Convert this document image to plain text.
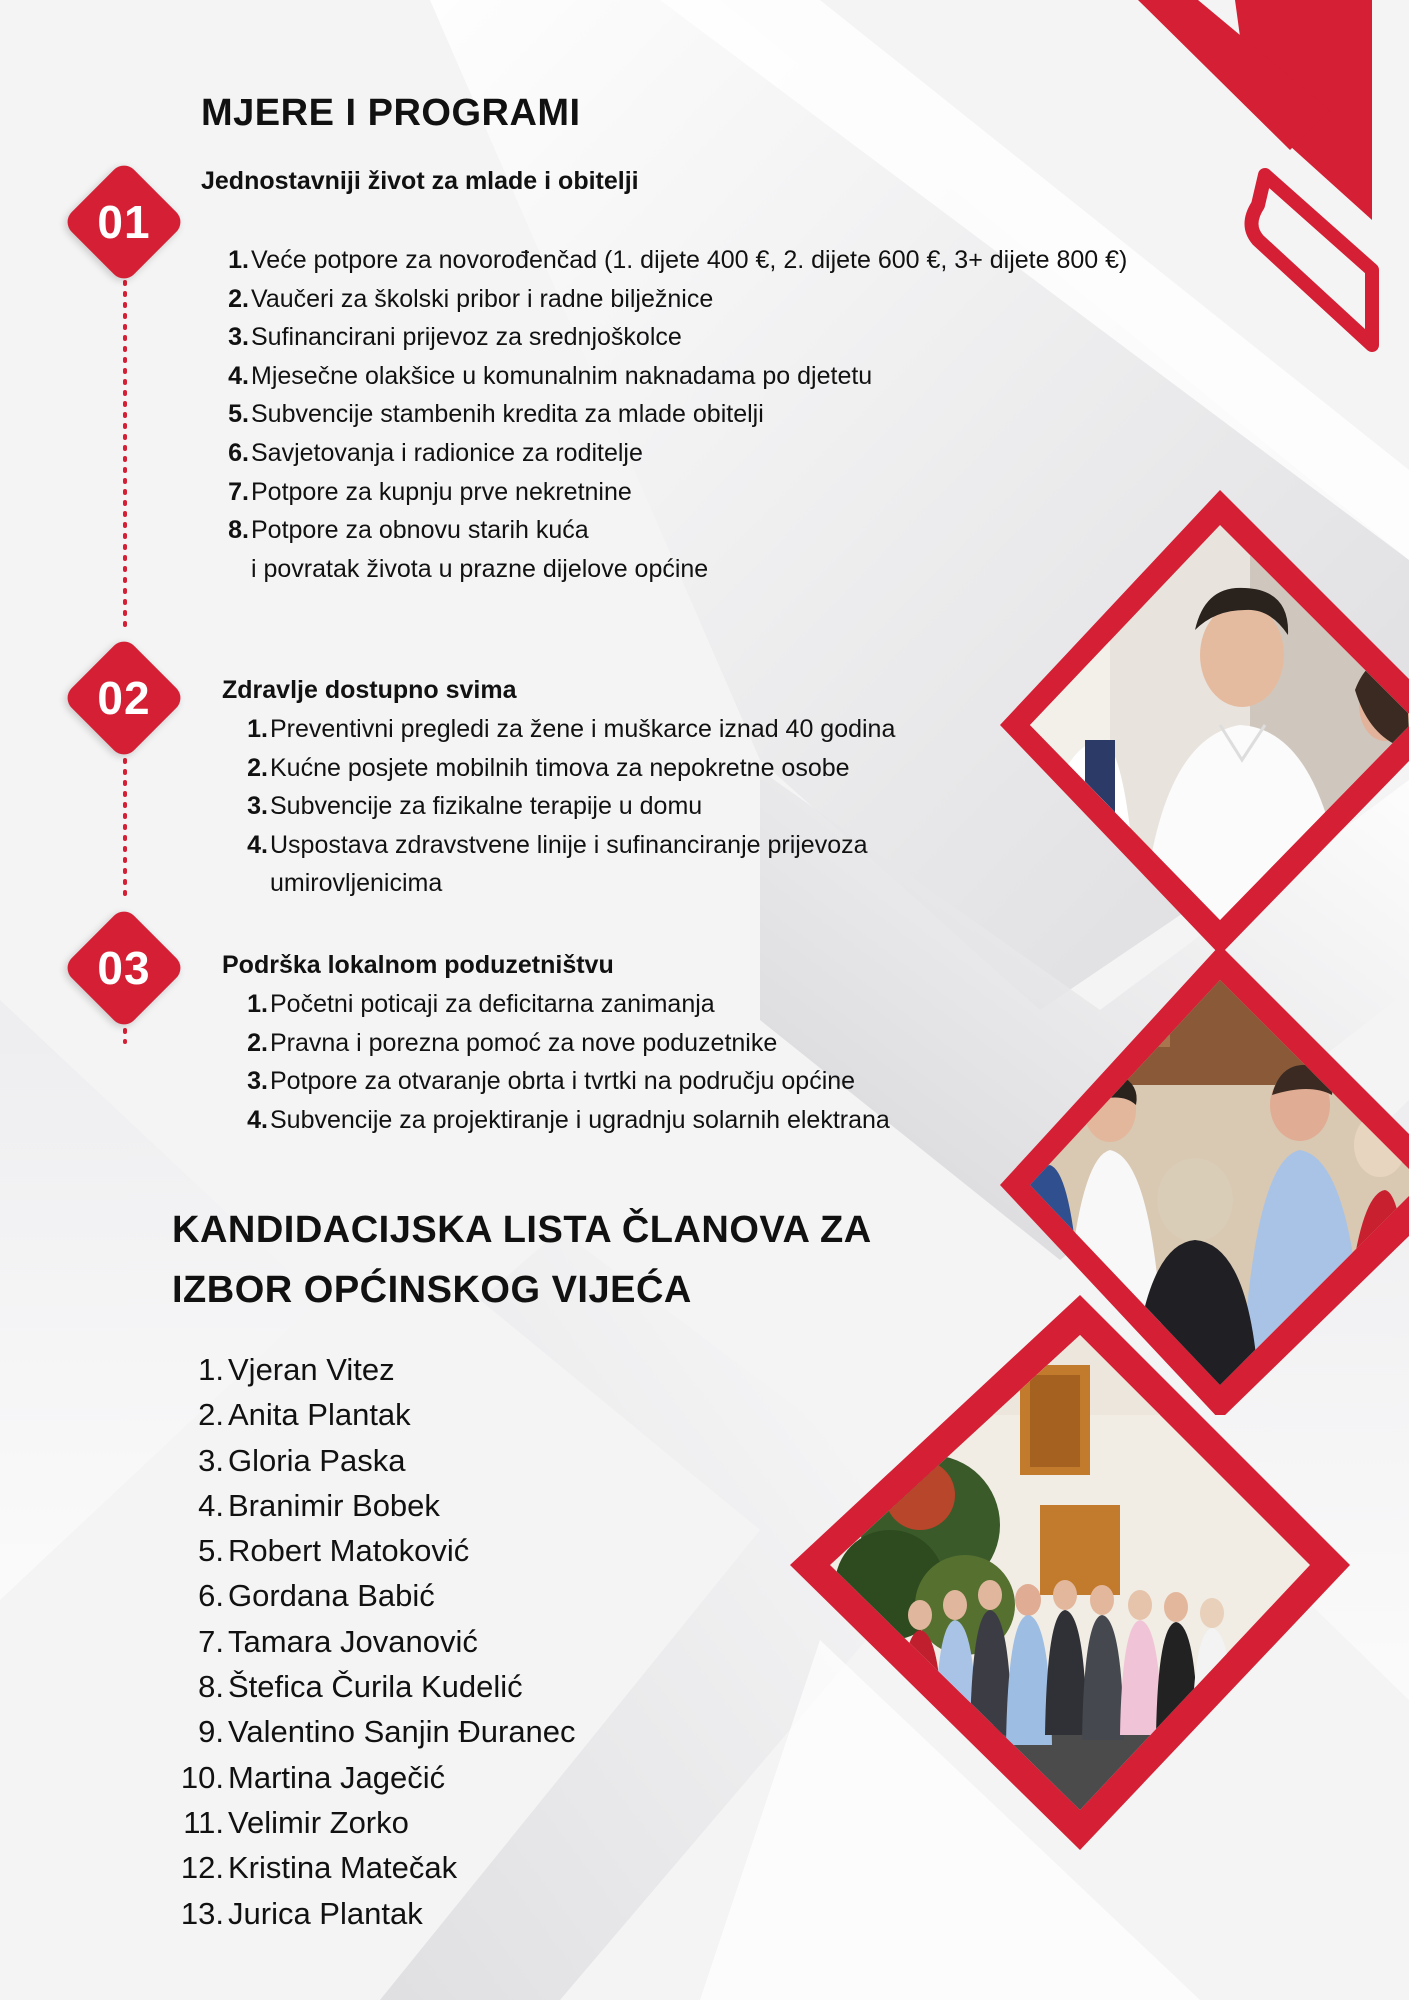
MJERE I PROGRAMI
01
Jednostavniji život za mlade i obitelji
1. Veće potpore za novorođenčad (1. dijete 400 €, 2. dijete 600 €, 3+ dijete 800 €)
2. Vaučeri za školski pribor i radne bilježnice
3. Sufinancirani prijevoz za srednjoškolce
4. Mjesečne olakšice u komunalnim naknadama po djetetu
5. Subvencije stambenih kredita za mlade obitelji
6. Savjetovanja i radionice za roditelje
7. Potpore za kupnju prve nekretnine
8. Potpore za obnovu starih kuća
i povratak života u prazne dijelove općine
02	Zdravlje dostupno svima
1. Preventivni pregledi za žene i muškarce iznad 40 godina
2. Kućne posjete mobilnih timova za nepokretne osobe
3. Subvencije za fizikalne terapije u domu
4. Uspostava zdravstvene linije i sufinanciranje prijevoza umirovljenicima
03	Podrška lokalnom poduzetništvu
1. Početni poticaji za deficitarna zanimanja
2. Pravna i porezna pomoć za nove poduzetnike
3. Potpore za otvaranje obrta i tvrtki na području općine
4. Subvencije za projektiranje i ugradnju solarnih elektrana
KANDIDACIJSKA LISTA ČLANOVA ZA IZBOR OPĆINSKOG VIJEĆA
1. Vjeran Vitez
2. Anita Plantak
3. Gloria Paska
4. Branimir Bobek
5. Robert Matoković
6. Gordana Babić
7. Tamara Jovanović
8. Štefica Čurila Kudelić
9. Valentino Sanjin Đuranec
10. Martina Jagečić
11. Velimir Zorko
12. Kristina Matečak
13. Jurica Plantak
